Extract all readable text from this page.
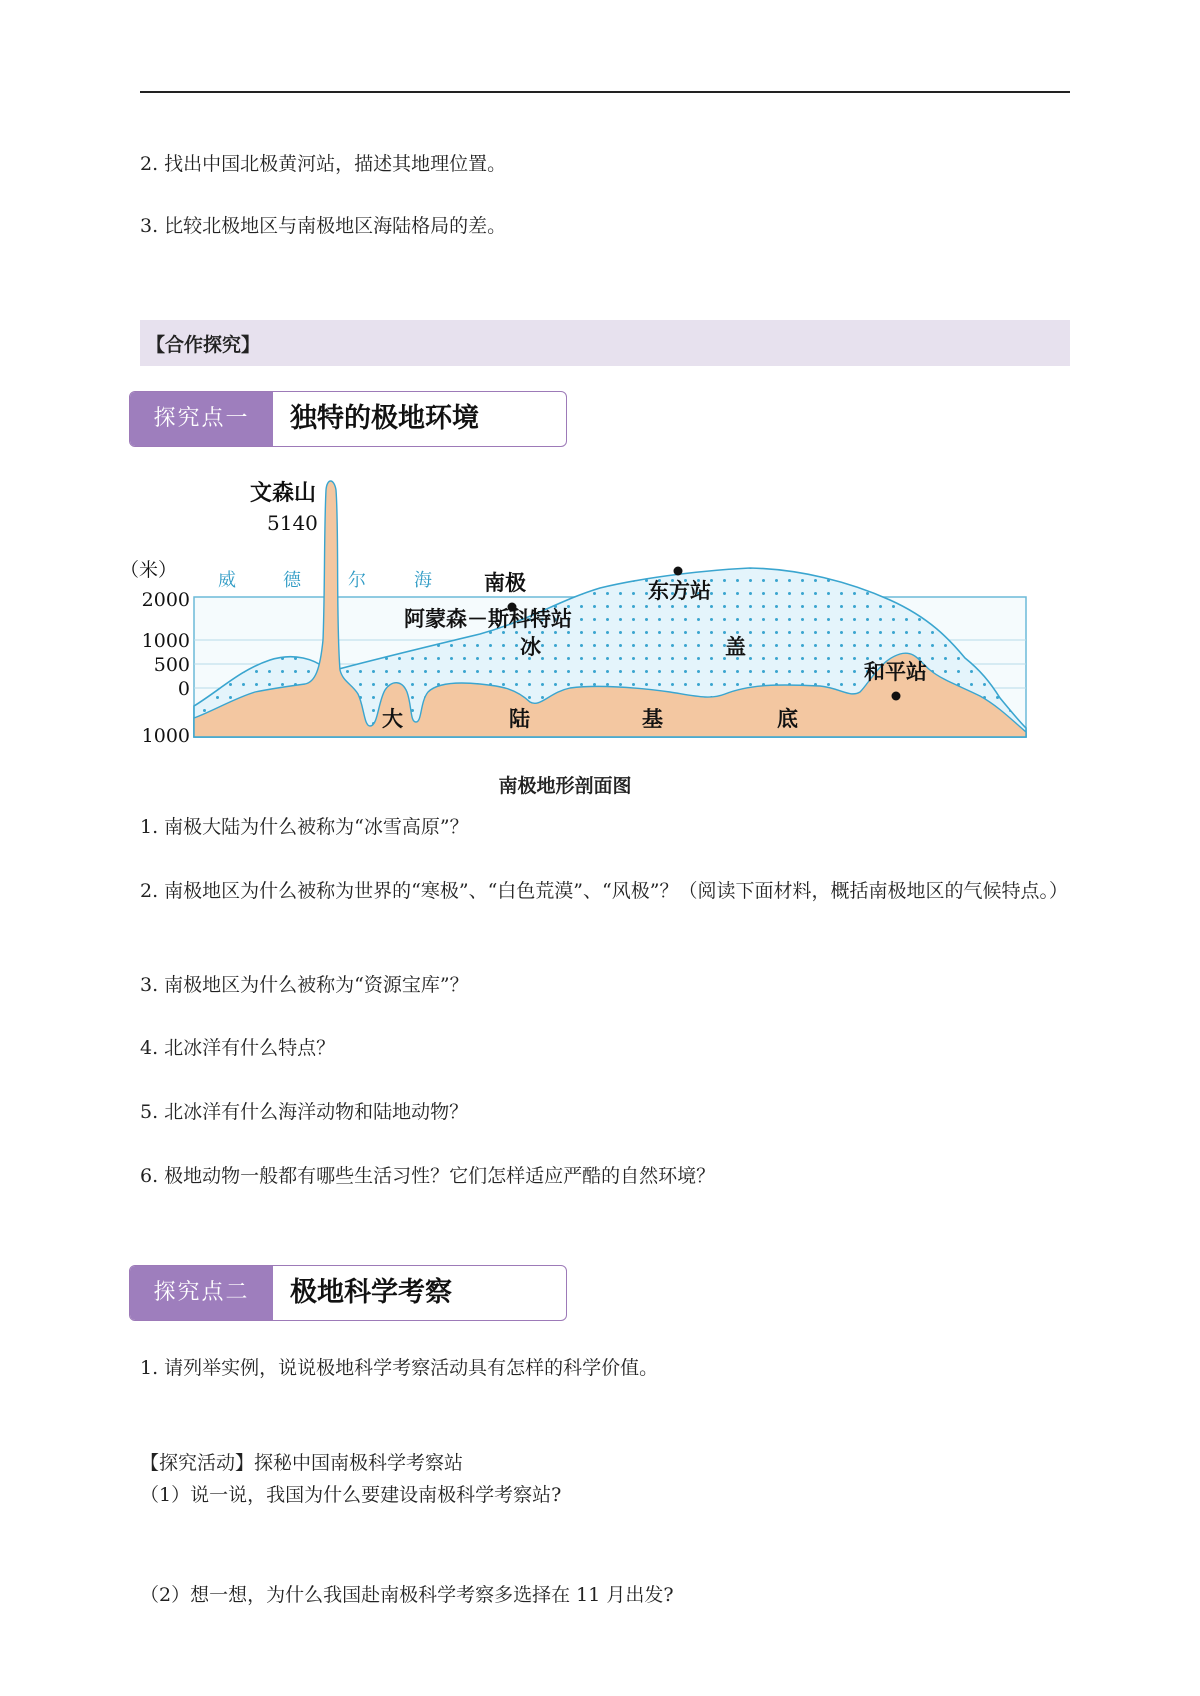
2. 找出中国北极黄河站，描述其地理位置。
3. 比较北极地区与南极地区海陆格局的差。
【合作探究】
探究点一	独特的极地环境
文森山
5140
（米）
2000
1000
500
0
1000
威	德	尔	海 南极
阿蒙森－斯科特站
东方站
和平站
冰	盖
大	陆	基	底
南极地形剖面图
1. 南极大陆为什么被称为“冰雪高原”？
2. 南极地区为什么被称为世界的“寒极”、“白色荒漠”、“风极”？（阅读下面材料，概括南极地区的气候特点。）
3. 南极地区为什么被称为“资源宝库”？
4. 北冰洋有什么特点？
5. 北冰洋有什么海洋动物和陆地动物？
6. 极地动物一般都有哪些生活习性？它们怎样适应严酷的自然环境？
探究点二	极地科学考察
1. 请列举实例，说说极地科学考察活动具有怎样的科学价值。
【探究活动】探秘中国南极科学考察站
（1）说一说，我国为什么要建设南极科学考察站?
（2）想一想，为什么我国赴南极科学考察多选择在 11 月出发?
